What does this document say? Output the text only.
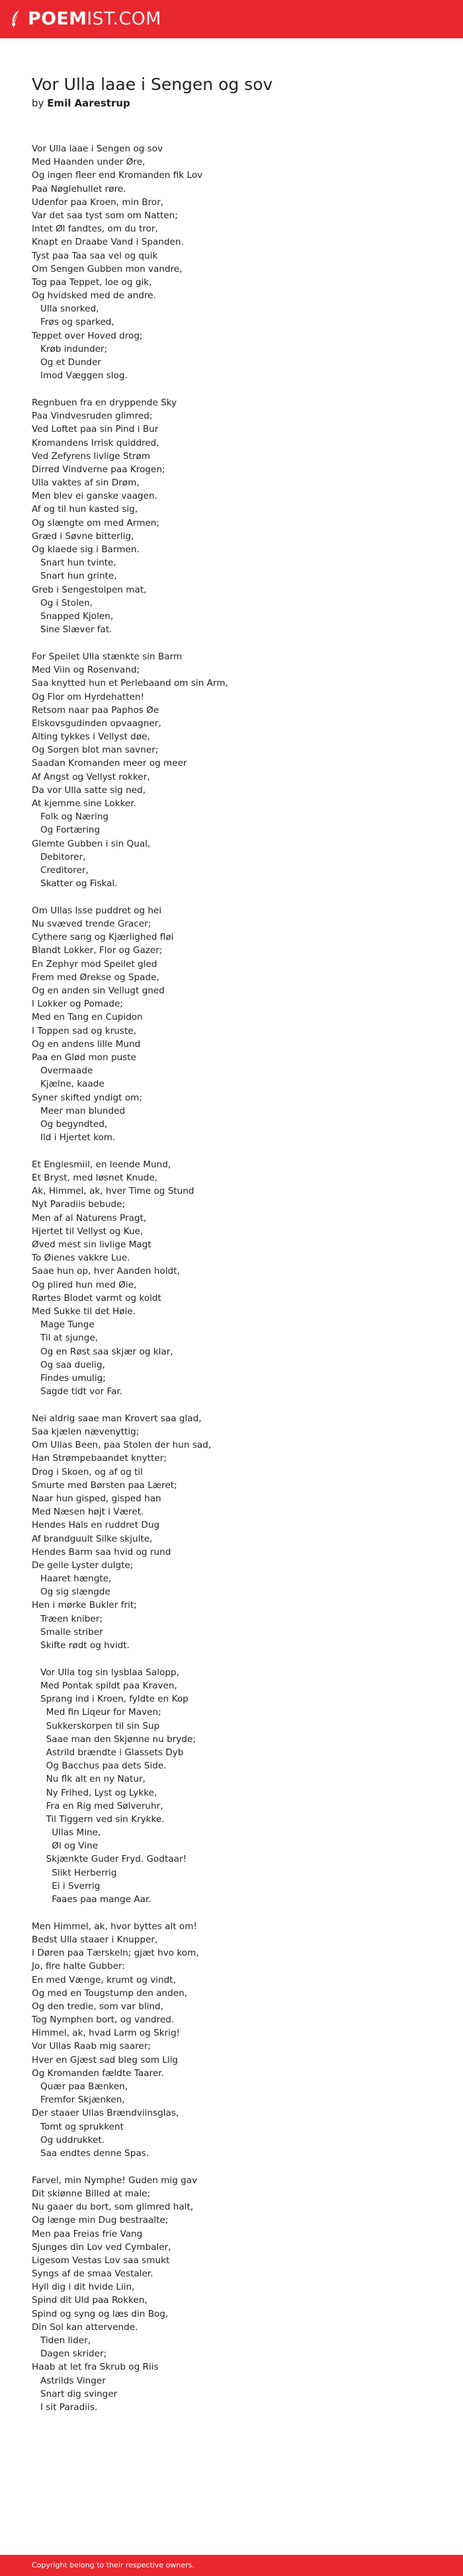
POEMIST.COM
Vor Ulla laae i Sengen og sov
by Emil Aarestrup
Vor Ulla laae i Sengen og sov
Med Haanden under Øre,
Og ingen fleer end Kromanden fik Lov
Paa Nøglehullet røre.
Udenfor paa Kroen, min Bror,
Var det saa tyst som om Natten;
Intet Øl fandtes, om du tror,
Knapt en Draabe Vand i Spanden.
Tyst paa Taa saa vel og quik
Om Sengen Gubben mon vandre,
Tog paa Teppet, loe og gik,
Og hvidsked med de andre.
Ulla snorked,
Frøs og sparked,
Teppet over Hoved drog;
Krøb indunder;
Og et Dunder
Imod Væggen slog.
Regnbuen fra en dryppende Sky
Paa Vindvesruden glimred;
Ved Loftet paa sin Pind i Bur
Kromandens Irrisk quiddred,
Ved Zefyrens livlige Strøm
Dirred Vindverne paa Krogen;
Ulla vaktes af sin Drøm,
Men blev ei ganske vaagen.
Af og til hun kasted sig,
Og slængte om med Armen;
Græd i Søvne bitterlig,
Og klaede sig i Barmen.
Snart hun tvinte,
Snart hun grinte,
Greb i Sengestolpen mat,
Og i Stolen,
Snapped Kjolen,
Sine Slæver fat.
For Speilet Ulla stænkte sin Barm
Med Viin og Rosenvand;
Saa knytted hun et Perlebaand om sin Arm,
Og Flor om Hyrdehatten!
Retsom naar paa Paphos Øe
Elskovsgudinden opvaagner,
Alting tykkes i Vellyst døe,
Og Sorgen blot man savner;
Saadan Kromanden meer og meer
Af Angst og Vellyst rokker,
Da vor Ulla satte sig ned,
At kjemme sine Lokker.
Folk og Næring
Og Fortæring
Glemte Gubben i sin Qual,
Debitorer,
Creditorer,
Skatter og Fiskal.
Om Ullas Isse puddret og hei
Nu svæved trende Gracer;
Cythere sang og Kjærlighed fløi
Blandt Lokker, Flor og Gazer;
En Zephyr mod Speilet gled
Frem med Ørekse og Spade,
Og en anden sin Vellugt gned
I Lokker og Pomade;
Med en Tang en Cupidon
I Toppen sad og kruste,
Og en andens lille Mund
Paa en Glød mon puste
Overmaade
Kjælne, kaade
Syner skifted yndigt om;
Meer man blunded
Og begyndted,
Ild i Hjertet kom.
Et Englesmiil, en leende Mund,
Et Bryst, med løsnet Knude,
Ak, Himmel, ak, hver Time og Stund
Nyt Paradiis bebude;
Men af al Naturens Pragt,
Hjertet til Vellyst og Kue,
Øved mest sin livlige Magt
To Øienes vakkre Lue.
Saae hun op, hver Aanden holdt,
Og plired hun med Øie,
Rørtes Blodet varmt og koldt
Med Sukke til det Høie.
Mage Tunge
Til at sjunge,
Og en Røst saa skjær og klar,
Og saa duelig,
Findes umulig;
Sagde tidt vor Far.
Nei aldrig saae man Krovert saa glad,
Saa kjælen nævenyttig;
Om Ullas Been, paa Stolen der hun sad,
Han Strømpebaandet knytter;
Drog i Skoen, og af og til
Smurte med Børsten paa Læret;
Naar hun gisped, gisped han
Med Næsen højt i Været.
Hendes Hals en ruddret Dug
Af brandguult Silke skjulte,
Hendes Barm saa hvid og rund
De geile Lyster dulgte;
Haaret hængte,
Og sig slængde
Hen i mørke Bukler frit;
Træen kniber;
Smalle striber
Skifte rødt og hvidt.
Vor Ulla tog sin lysblaa Salopp,
Med Pontak spildt paa Kraven,
Sprang ind i Kroen, fyldte en Kop
Med fin Liqeur for Maven;
Sukkerskorpen til sin Sup
Saae man den Skjønne nu bryde;
Astrild brændte i Glassets Dyb
Og Bacchus paa dets Side.
Nu flk alt en ny Natur,
Ny Frihed, Lyst og Lykke,
Fra en Rig med Sølveruhr,
Til Tiggern ved sin Krykke.
Ullas Mine,
Øl og Vine
Skjænkte Guder Fryd. Godtaar!
Slikt Herberrig
Ei i Sverrig
Faaes paa mange Aar.
Men Himmel, ak, hvor byttes alt om!
Bedst Ulla staaer i Knupper,
I Døren paa Tærskeln; gjæt hvo kom,
Jo, fire halte Gubber:
En med Vænge, krumt og vindt,
Og med en Tougstump den anden,
Og den tredie, som var blind,
Tog Nymphen bort, og vandred.
Himmel, ak, hvad Larm og Skrig!
Vor Ullas Raab mig saarer;
Hver en Gjæst sad bleg som Liig
Og Kromanden fældte Taarer.
Quær paa Bænken,
Fremfor Skjænken,
Der staaer Ullas Brændviinsglas,
Tomt og sprukkent
Og uddrukket.
Saa endtes denne Spas.
Farvel, min Nymphe! Guden mig gav
Dit skiønne Billed at male;
Nu gaaer du bort, som glimred halt,
Og længe min Dug bestraalte;
Men paa Freias frie Vang
Sjunges din Lov ved Cymbaler,
Ligesom Vestas Lov saa smukt
Syngs af de smaa Vestaler.
Hyll dig i dit hvide Liin,
Spind dit Uld paa Rokken,
Spind og syng og læs din Bog,
Din Sol kan attervende.
Tiden lider,
Dagen skrider;
Haab at let fra Skrub og Riis
Astrilds Vinger
Snart dig svinger
I sit Paradiis.
Copyright belong to their respective owners.
